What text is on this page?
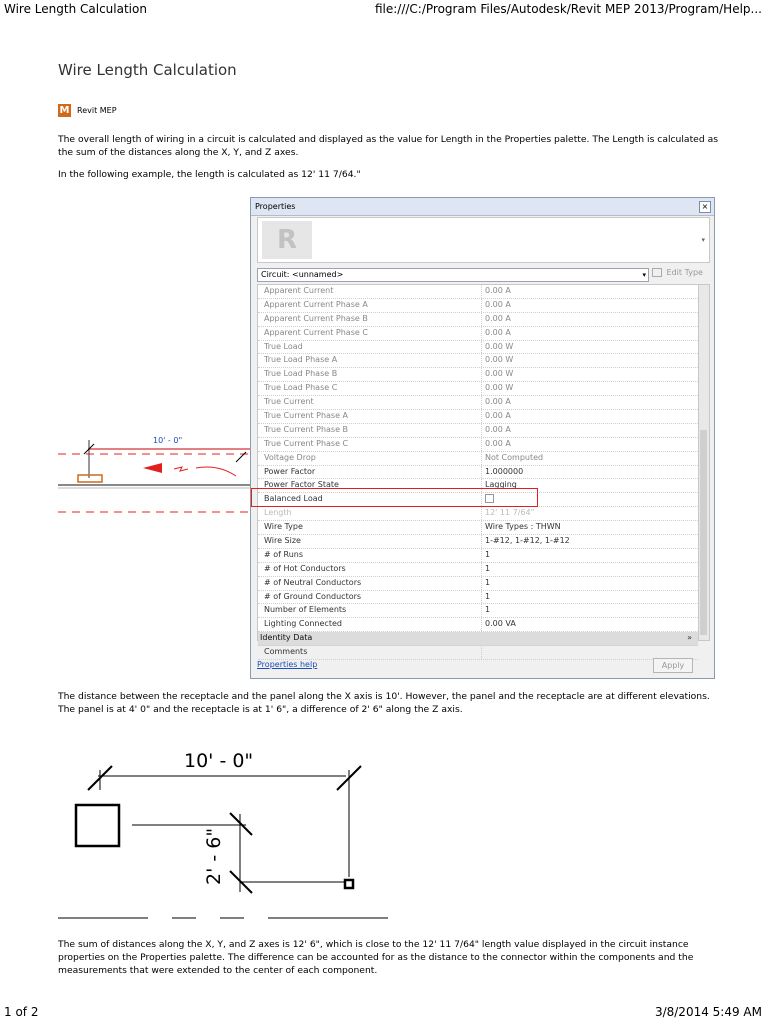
Wire Length Calculation	file:///C:/Program Files/Autodesk/Revit MEP 2013/Program/Help...
1 of 2	3/8/2014 5:49 AM
Wire Length Calculation
M Revit MEP
The overall length of wiring in a circuit is calculated and displayed as the value for Length in the Properties palette. The Length is calculated as the sum of the distances along the X, Y, and Z axes.
In the following example, the length is calculated as 12' 11 7/64."
10' - 0"
Properties	×
R	▾
Circuit: <unnamed>	▾	Edit Type
Apparent Current	0.00 A
Apparent Current Phase A	0.00 A
Apparent Current Phase B	0.00 A
Apparent Current Phase C	0.00 A
True Load	0.00 W
True Load Phase A	0.00 W
True Load Phase B	0.00 W
True Load Phase C	0.00 W
True Current	0.00 A
True Current Phase A	0.00 A
True Current Phase B	0.00 A
True Current Phase C	0.00 A
Voltage Drop	Not Computed
Power Factor	1.000000
Power Factor State	Lagging
Balanced Load
Length	12' 11 7/64"
Wire Type	Wire Types : THWN
Wire Size	1-#12, 1-#12, 1-#12
# of Runs	1
# of Hot Conductors	1
# of Neutral Conductors	1
# of Ground Conductors	1
Number of Elements	1
Lighting Connected	0.00 VA
Identity Data	»
Comments
Properties help	Apply
The distance between the receptacle and the panel along the X axis is 10'. However, the panel and the receptacle are at different elevations. The panel is at 4' 0" and the receptacle is at 1' 6", a difference of 2' 6" along the Z axis.
10' - 0"
2' - 6"
The sum of distances along the X, Y, and Z axes is 12' 6", which is close to the 12' 11 7/64" length value displayed in the circuit instance properties on the Properties palette. The difference can be accounted for as the distance to the connector within the components and the measurements that were extended to the center of each component.
